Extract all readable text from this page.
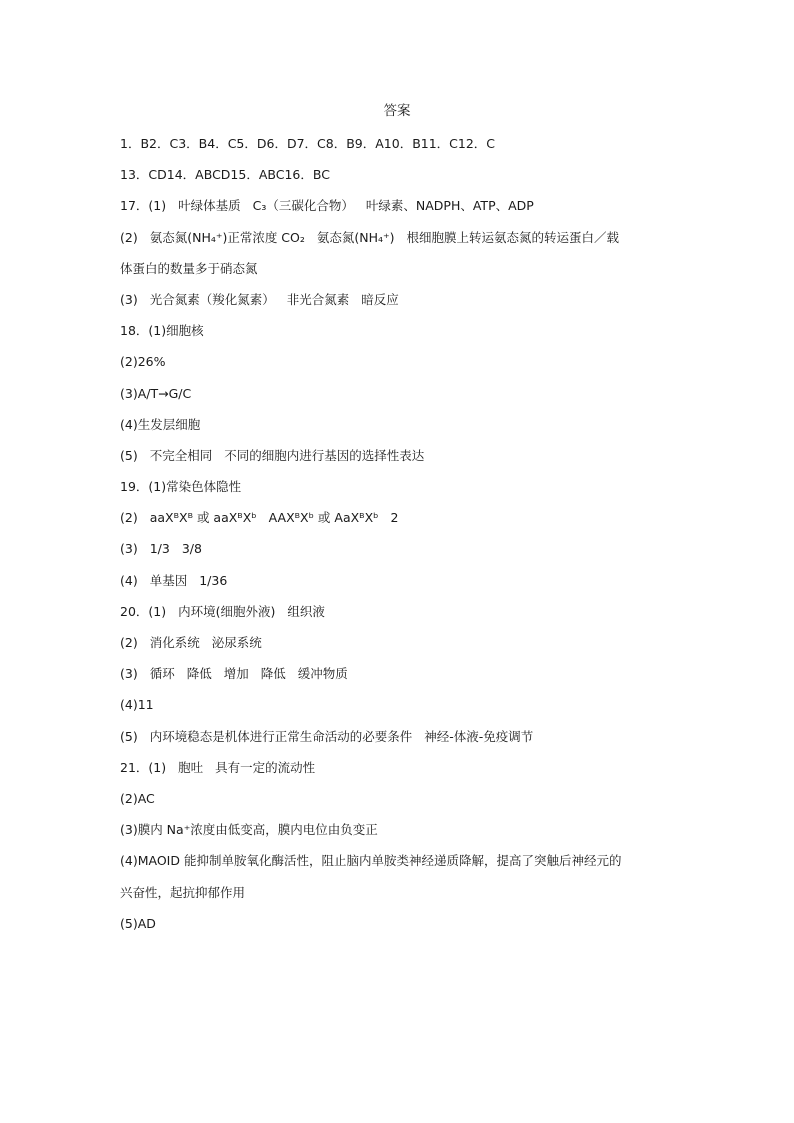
答案
1．B2．C3．B4．C5．D6．D7．C8．B9．A10．B11．C12．C
13．CD14．ABCD15．ABC16．BC
17．(1) 叶绿体基质 C₃（三碳化合物） 叶绿素、NADPH、ATP、ADP
(2) 氨态氮(NH₄⁺)正常浓度 CO₂ 氨态氮(NH₄⁺) 根细胞膜上转运氨态氮的转运蛋白／载
体蛋白的数量多于硝态氮
(3) 光合氮素（羧化氮素） 非光合氮素 暗反应
18．(1)细胞核
(2)26%
(3)A/T→G/C
(4)生发层细胞
(5) 不完全相同 不同的细胞内进行基因的选择性表达
19．(1)常染色体隐性
(2) aaXᴮXᴮ 或 aaXᴮXᵇ AAXᴮXᵇ 或 AaXᴮXᵇ 2
(3) 1/3 3/8
(4) 单基因 1/36
20．(1) 内环境(细胞外液) 组织液
(2) 消化系统 泌尿系统
(3) 循环 降低 增加 降低 缓冲物质
(4)11
(5) 内环境稳态是机体进行正常生命活动的必要条件 神经-体液-免疫调节
21．(1) 胞吐 具有一定的流动性
(2)AC
(3)膜内 Na⁺浓度由低变高，膜内电位由负变正
(4)MAOID 能抑制单胺氧化酶活性，阻止脑内单胺类神经递质降解，提高了突触后神经元的
兴奋性，起抗抑郁作用
(5)AD
